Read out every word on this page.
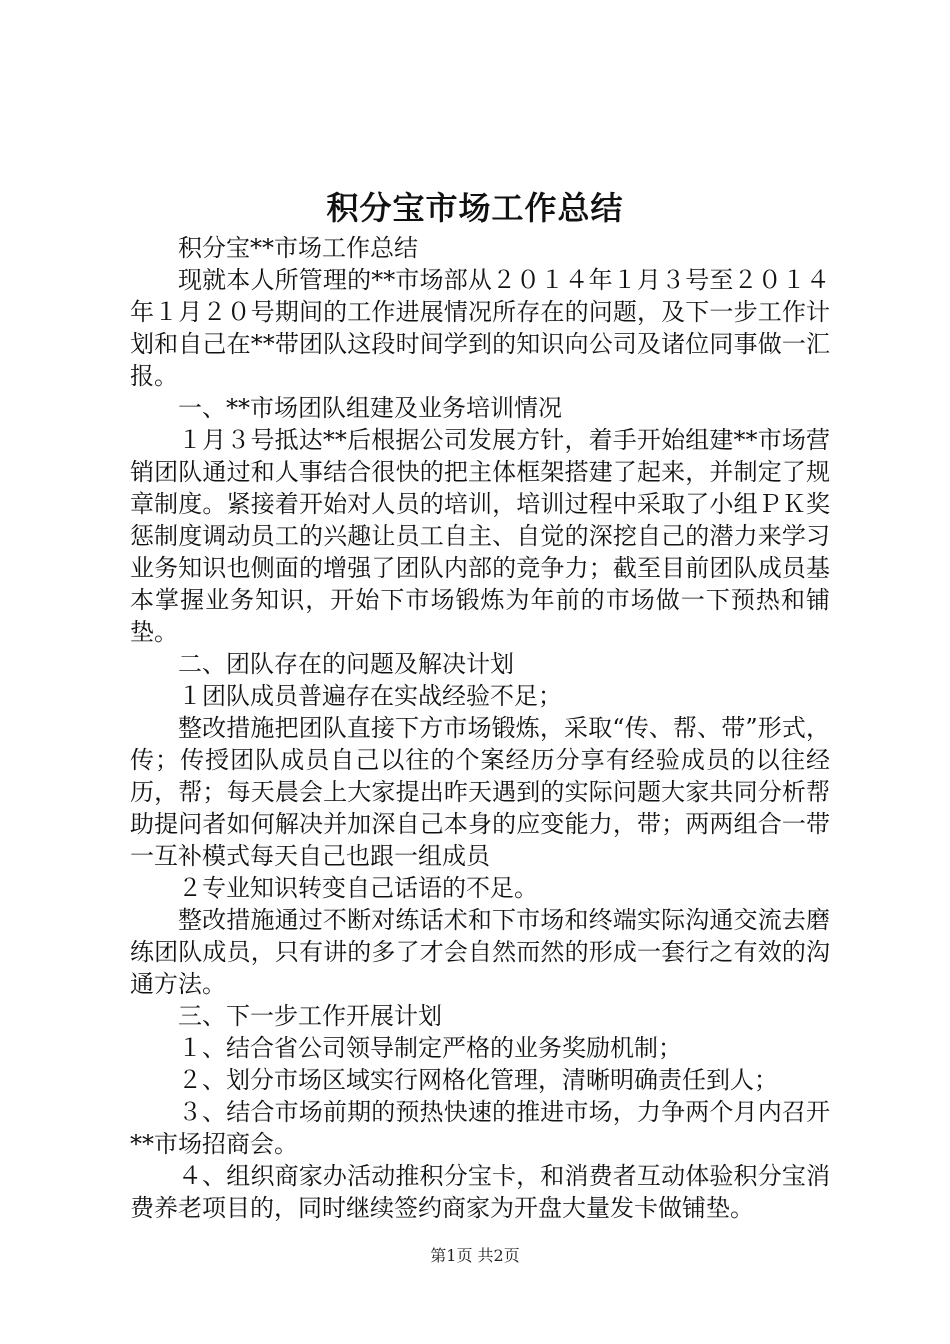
积分宝市场工作总结

积分宝**市场工作总结

现就本人所管理的**市场部从２０１４年１月３号至２０１４年１月２０号期间的工作进展情况所存在的问题，及下一步工作计划和自己在**带团队这段时间学到的知识向公司及诸位同事做一汇报。

一、**市场团队组建及业务培训情况

１月３号抵达**后根据公司发展方针，着手开始组建**市场营销团队通过和人事结合很快的把主体框架搭建了起来，并制定了规章制度。紧接着开始对人员的培训，培训过程中采取了小组ＰＫ奖惩制度调动员工的兴趣让员工自主、自觉的深挖自己的潜力来学习业务知识也侧面的增强了团队内部的竞争力；截至目前团队成员基本掌握业务知识，开始下市场锻炼为年前的市场做一下预热和铺垫。

二、团队存在的问题及解决计划

１团队成员普遍存在实战经验不足；

整改措施把团队直接下方市场锻炼，采取“传、帮、带”形式，传；传授团队成员自己以往的个案经历分享有经验成员的以往经历，帮；每天晨会上大家提出昨天遇到的实际问题大家共同分析帮助提问者如何解决并加深自己本身的应变能力，带；两两组合一带一互补模式每天自己也跟一组成员

２专业知识转变自己话语的不足。

整改措施通过不断对练话术和下市场和终端实际沟通交流去磨练团队成员，只有讲的多了才会自然而然的形成一套行之有效的沟通方法。

三、下一步工作开展计划

１、结合省公司领导制定严格的业务奖励机制；

２、划分市场区域实行网格化管理，清晰明确责任到人；

３、结合市场前期的预热快速的推进市场，力争两个月内召开**市场招商会。

４、组织商家办活动推积分宝卡，和消费者互动体验积分宝消费养老项目的，同时继续签约商家为开盘大量发卡做铺垫。

第1页 共2页
